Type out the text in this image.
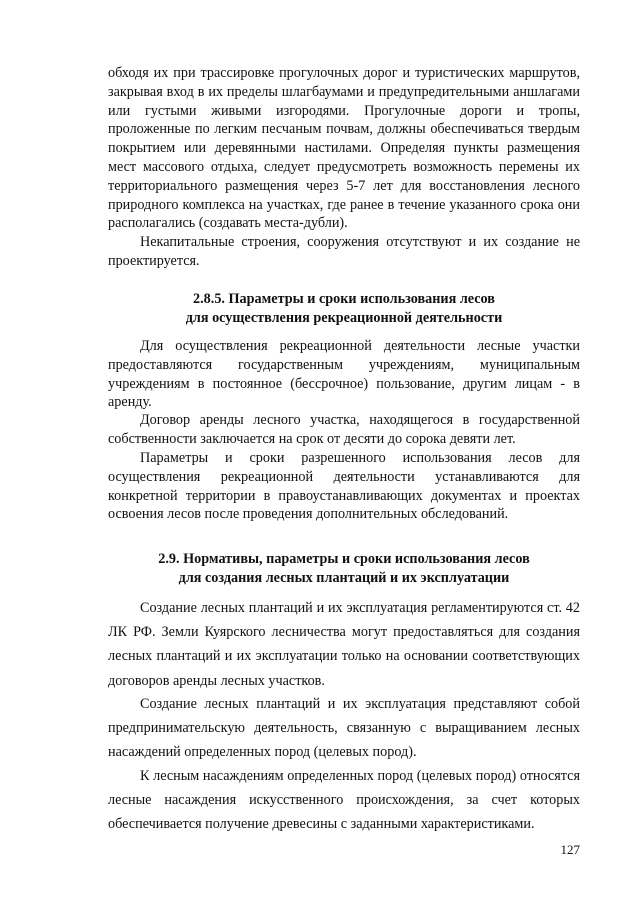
обходя их при трассировке прогулочных дорог и туристических маршрутов, закрывая вход в их пределы шлагбаумами и предупредительными аншлагами или густыми живыми изгородями. Прогулочные дороги и тропы, проложенные по легким песчаным почвам, должны обеспечиваться твердым покрытием или деревянными настилами. Определяя пункты размещения мест массового отдыха, следует предусмотреть возможность перемены их территориального размещения через 5-7 лет для восстановления лесного природного комплекса на участках, где ранее в течение указанного срока они располагались (создавать места-дубли).

Некапитальные строения, сооружения отсутствуют и их создание не проектируется.

2.8.5. Параметры и сроки использования лесов
для осуществления рекреационной деятельности

Для осуществления рекреационной деятельности лесные участки предоставляются государственным учреждениям, муниципальным учреждениям в постоянное (бессрочное) пользование, другим лицам - в аренду.

Договор аренды лесного участка, находящегося в государственной собственности заключается на срок от десяти до сорока девяти лет.

Параметры и сроки разрешенного использования лесов для осуществления рекреационной деятельности устанавливаются для конкретной территории в правоустанавливающих документах и проектах освоения лесов после проведения дополнительных обследований.

2.9. Нормативы, параметры и сроки использования лесов
для создания лесных плантаций и их эксплуатации

Создание лесных плантаций и их эксплуатация регламентируются ст. 42 ЛК РФ. Земли Куярского лесничества могут предоставляться для создания лесных плантаций и их эксплуатации только на основании соответствующих договоров аренды лесных участков.

Создание лесных плантаций и их эксплуатация представляют собой предпринимательскую деятельность, связанную с выращиванием лесных насаждений определенных пород (целевых пород).

К лесным насаждениям определенных пород (целевых пород) относятся лесные насаждения искусственного происхождения, за счет которых обеспечивается получение древесины с заданными характеристиками.

127
